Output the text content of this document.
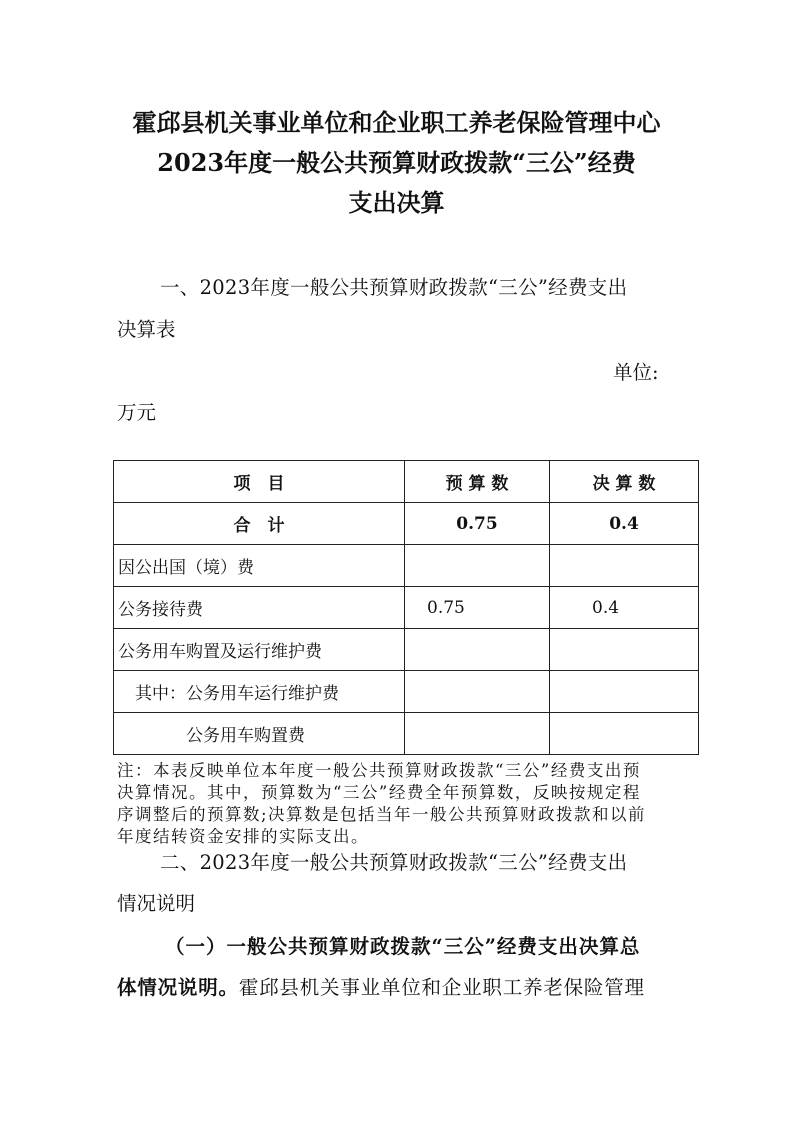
霍邱县机关事业单位和企业职工养老保险管理中心
2023年度一般公共预算财政拨款“三公”经费
支出决算
一、2023年度一般公共预算财政拨款“三公”经费支出
决算表
单位:
万元
项　目	预 算 数	决 算 数
合　计	0.75	0.4
因公出国（境）费		
公务接待费	0.75	0.4
公务用车购置及运行维护费		
　其中：公务用车运行维护费		
　　　　公务用车购置费		
注：本表反映单位本年度一般公共预算财政拨款“三公”经费支出预
决算情况。其中，预算数为“三公”经费全年预算数，反映按规定程
序调整后的预算数;决算数是包括当年一般公共预算财政拨款和以前
年度结转资金安排的实际支出。
二、2023年度一般公共预算财政拨款“三公”经费支出
情况说明
（一）一般公共预算财政拨款“三公”经费支出决算总
体情况说明。霍邱县机关事业单位和企业职工养老保险管理
